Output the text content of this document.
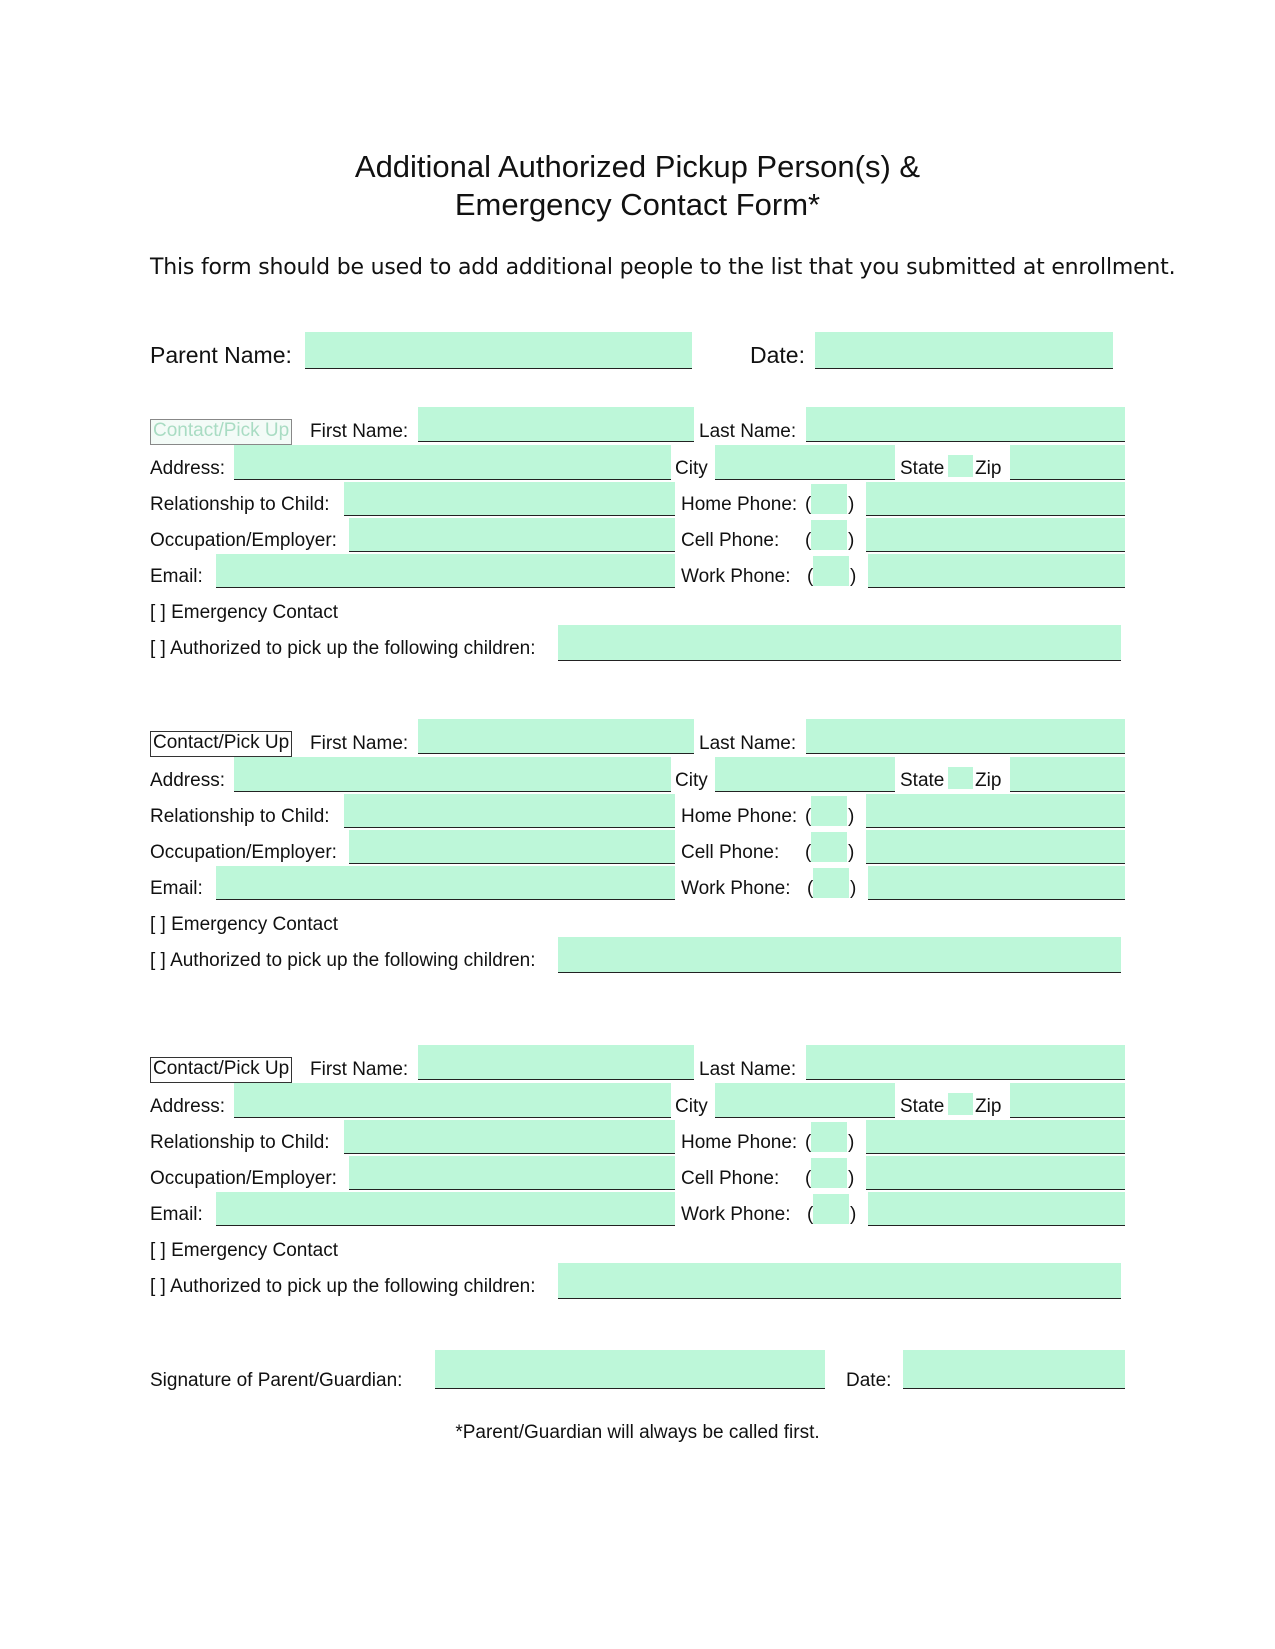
Additional Authorized Pickup Person(s) &
Emergency Contact Form*
This form should be used to add additional people to the list that you submitted at enrollment.
Parent Name:	Date:
Contact/Pick Up First Name:	Last Name:
Address:	City	State Zip
Relationship to Child:	Home Phone: ( )
Occupation/Employer:	Cell Phone: ( )
Email:	Work Phone: ( )
[ ] Emergency Contact
[ ] Authorized to pick up the following children:
Contact/Pick Up First Name:	Last Name:
Address:	City	State Zip
Relationship to Child:	Home Phone: ( )
Occupation/Employer:	Cell Phone: ( )
Email:	Work Phone: ( )
[ ] Emergency Contact
[ ] Authorized to pick up the following children:
Contact/Pick Up First Name:	Last Name:
Address:	City	State Zip
Relationship to Child:	Home Phone: ( )
Occupation/Employer:	Cell Phone: ( )
Email:	Work Phone: ( )
[ ] Emergency Contact
[ ] Authorized to pick up the following children:
Signature of Parent/Guardian:	Date:
*Parent/Guardian will always be called first.
